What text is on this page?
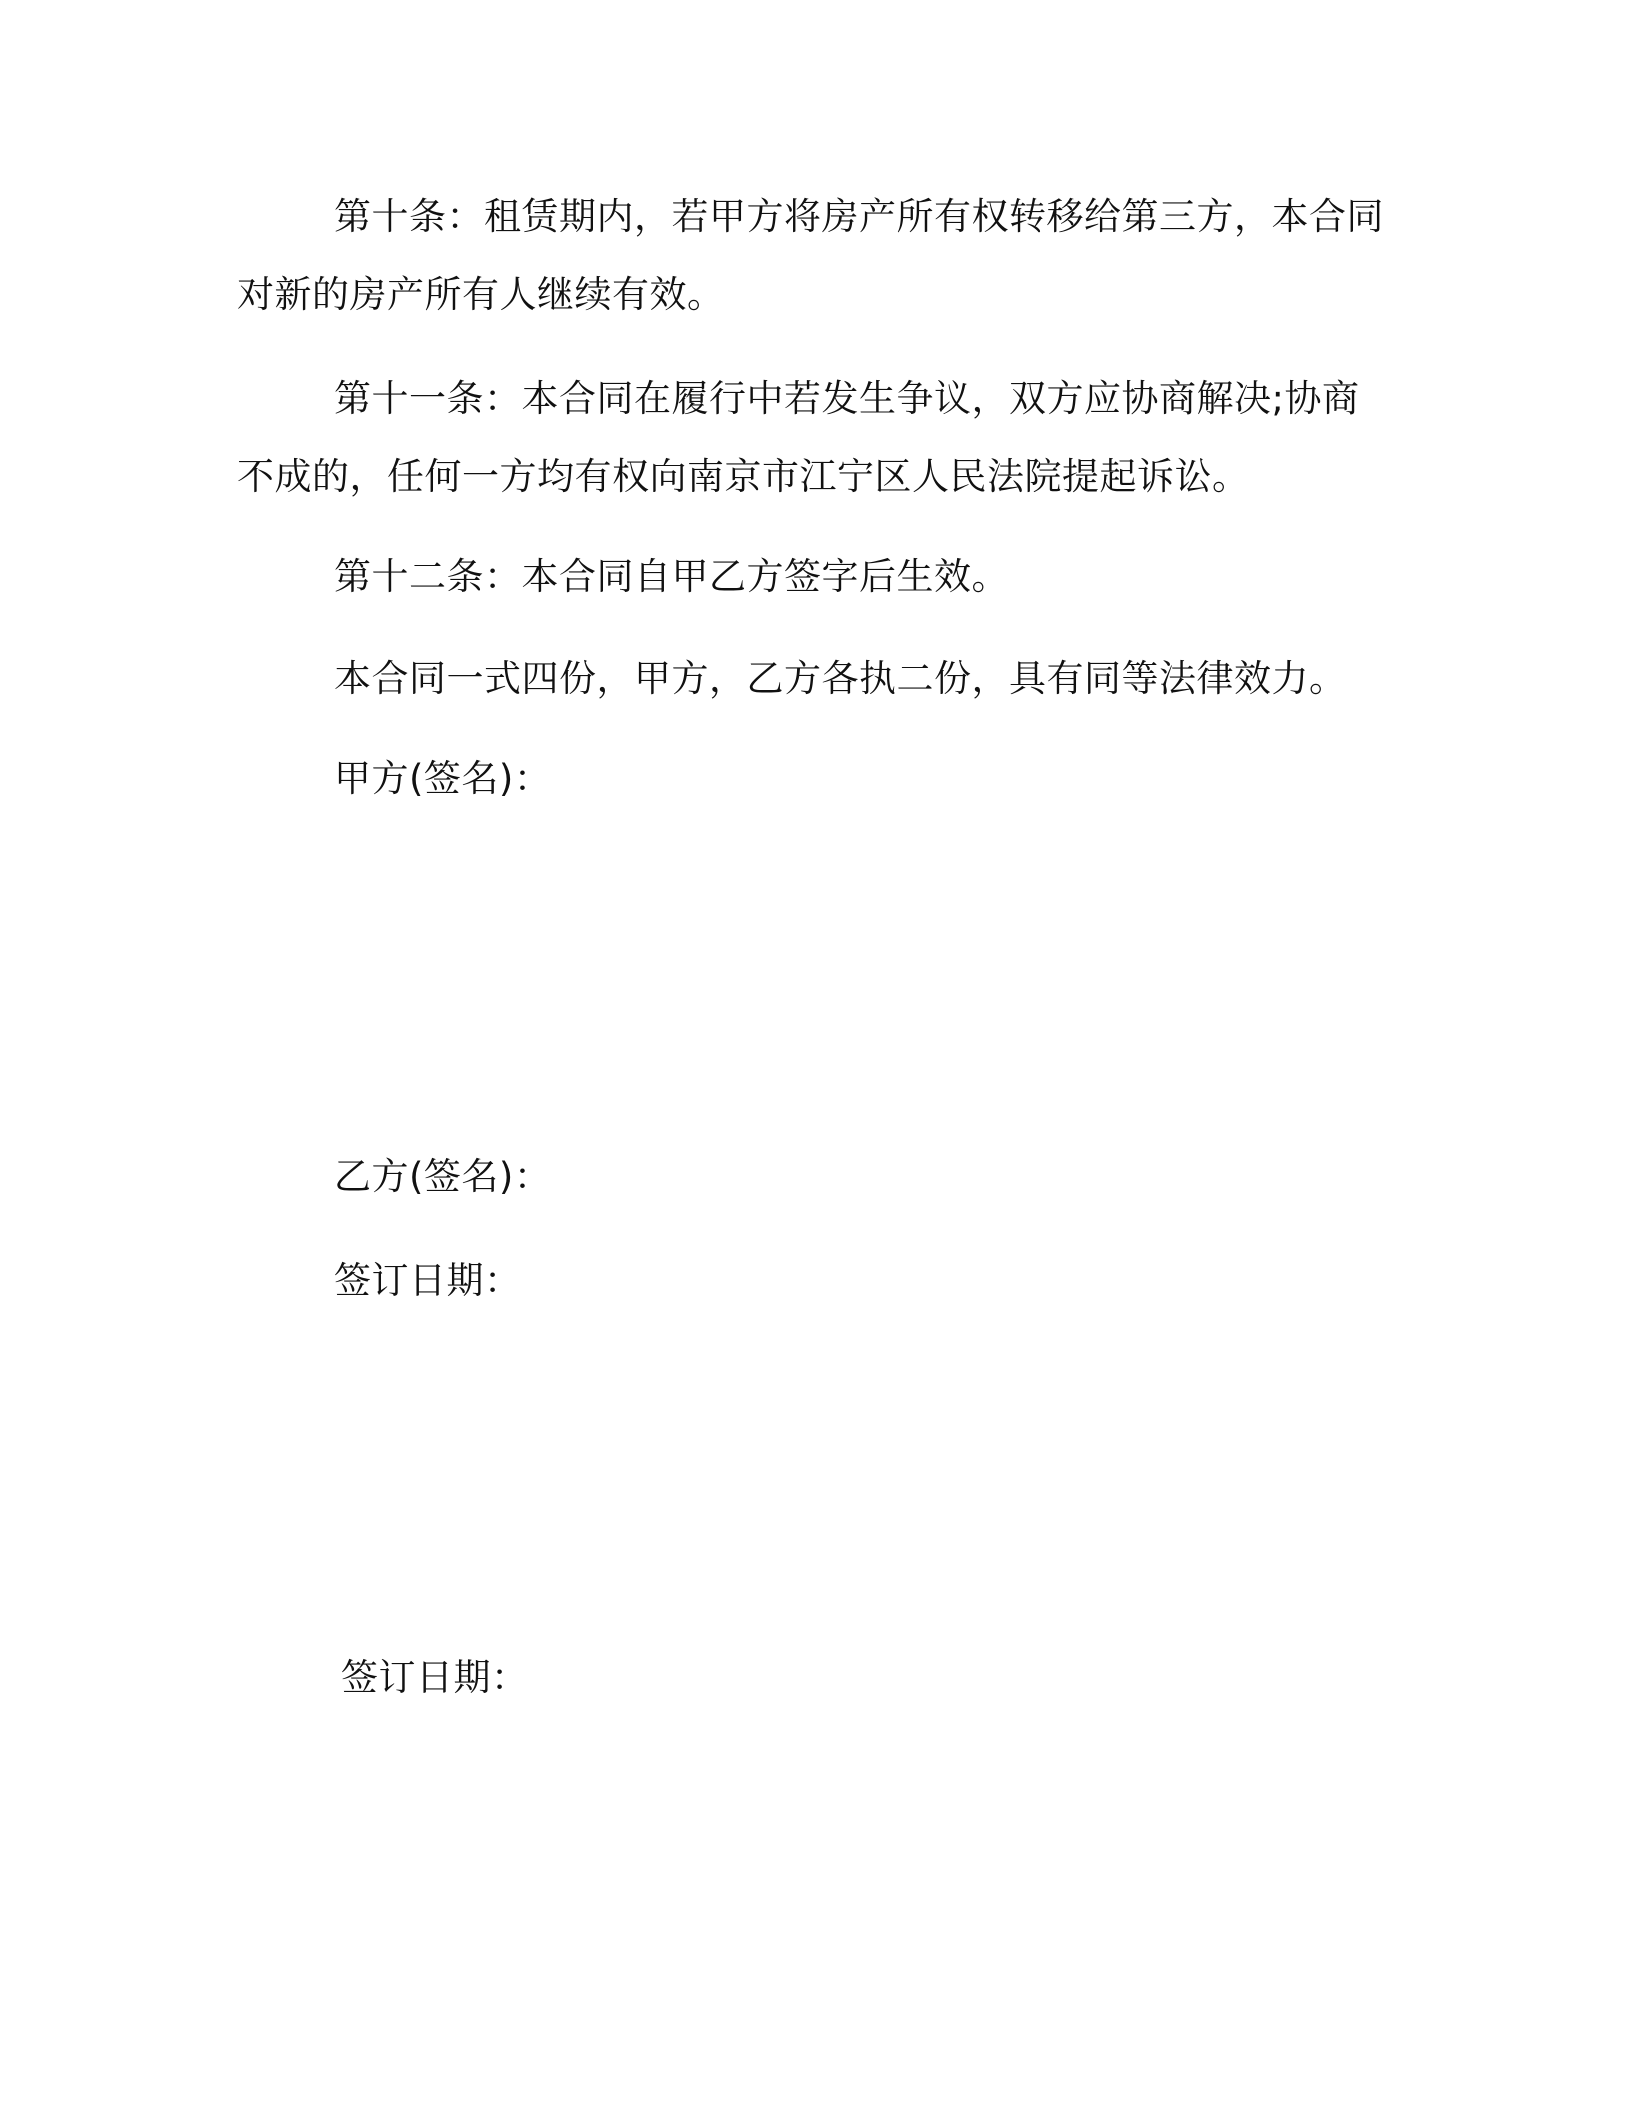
第十条：租赁期内，若甲方将房产所有权转移给第三方，本合同
对新的房产所有人继续有效。

第十一条：本合同在履行中若发生争议，双方应协商解决;协商
不成的，任何一方均有权向南京市江宁区人民法院提起诉讼。

第十二条：本合同自甲乙方签字后生效。

本合同一式四份，甲方，乙方各执二份，具有同等法律效力。

甲方(签名)：

乙方(签名)：

签订日期：

签订日期：
